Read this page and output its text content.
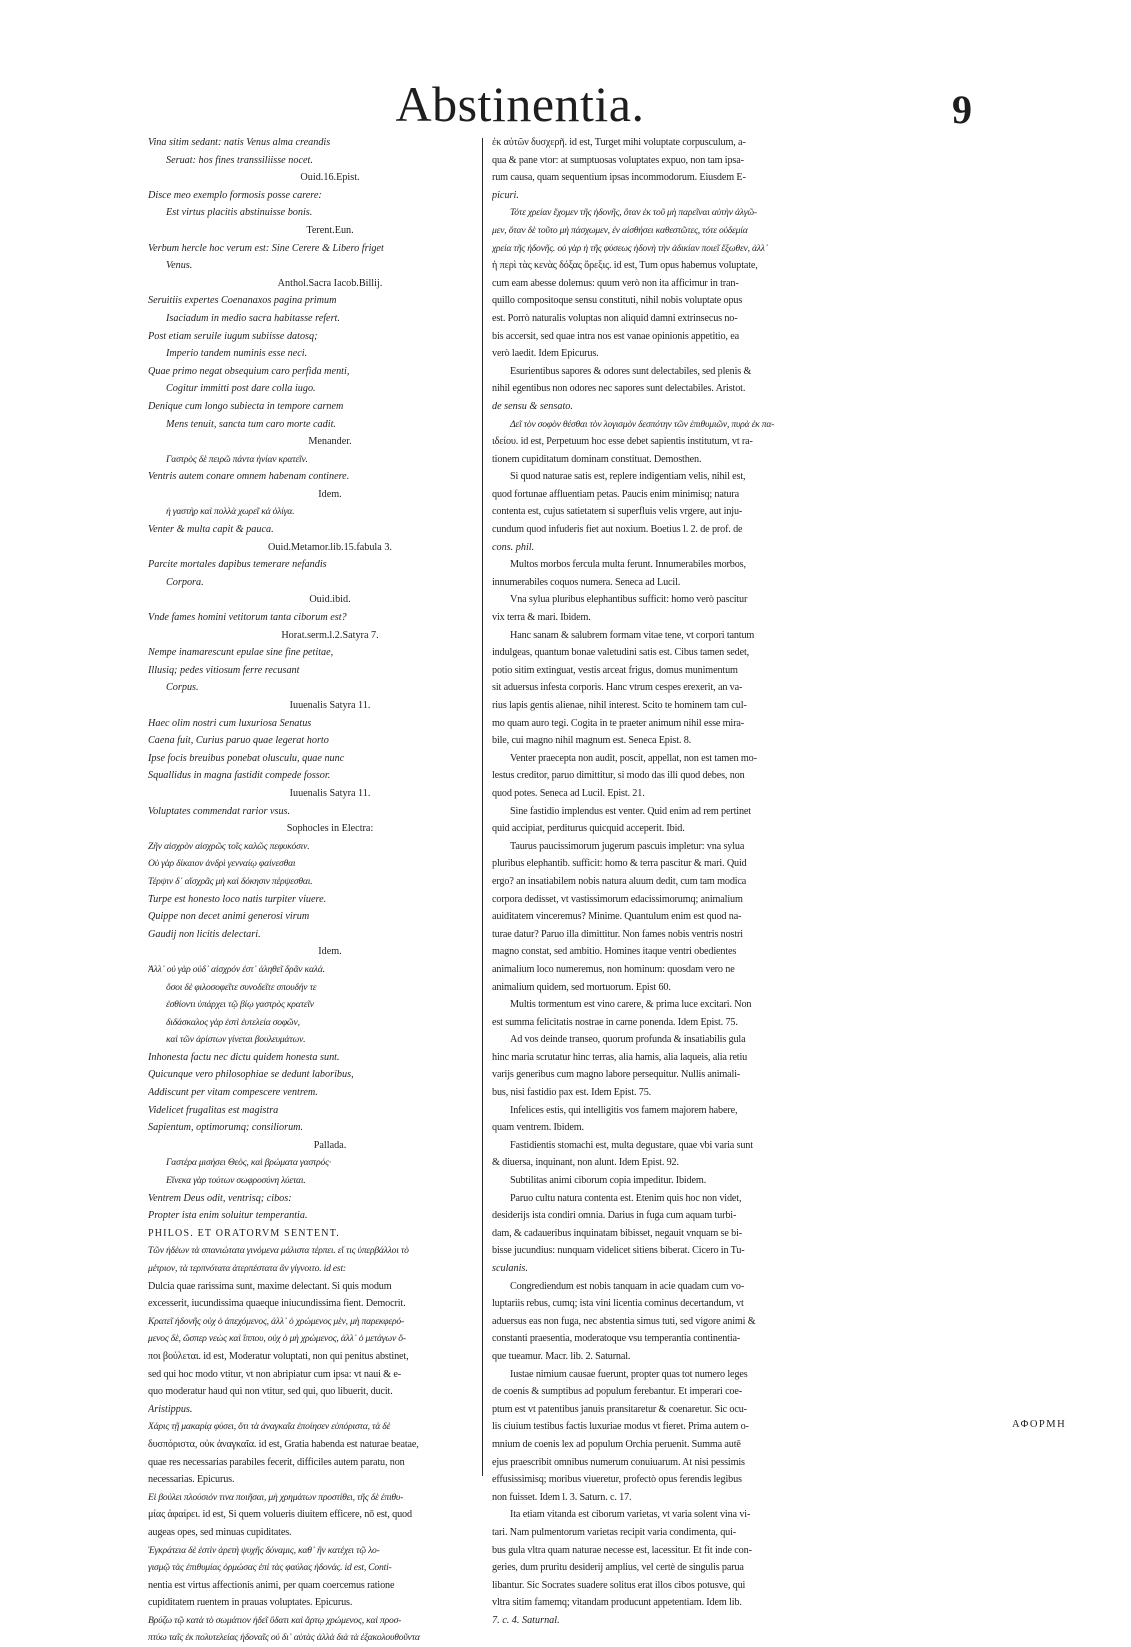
Abstinentia.	9
Vina sitim sedant: natis Venus alma creandis
Seruat: hos fines transsiliisse nocet.
Ouid.16.Epist.
Disce meo exemplo formosis posse carere:
Est virtus placitis abstinuisse bonis.
Terent.Eun.
Verbum hercle hoc verum est: Sine Cerere & Libero friget
Venus.
Anthol.Sacra Iacob.Billij.
Seruitiis expertes Coenanaxos pagina primum
Isaciadum in medio sacra habitasse refert.
Post etiam seruile iugum subiisse datosq;
Imperio tandem numinis esse neci.
Quae primo negat obsequium caro perfida menti,
Cogitur immitti post dare colla iugo.
Denique cum longo subiecta in tempore carnem
Mens tenuit, sancta tum caro morte cadit.
Menander.
Γαστρὸς δὲ πειρῶ πάντα ἡνίαν κρατεῖν.
Ventris autem conare omnem habenam continere.
Idem.
ἡ γαστὴρ καὶ πολλὰ χωρεῖ κἀ ὀλίγα.
Venter & multa capit & pauca.
Ouid.Metamor.lib.15.fabula 3.
Parcite mortales dapibus temerare nefandis
Corpora.
Ouid.ibid.
Vnde fames homini vetitorum tanta ciborum est?
Horat.serm.l.2.Satyra 7.
Nempe inamarescunt epulae sine fine petitae,
Illusiq; pedes vitiosum ferre recusant
Corpus.
Iuuenalis Satyra 11.
Haec olim nostri cum luxuriosa Senatus
Caena fuit, Curius paruo quae legerat horto
Ipse focis breuibus ponebat olusculu, quae nunc
Squallidus in magna fastidit compede fossor.
Iuuenalis Satyra 11.
Voluptates commendat rarior vsus.
Sophocles in Electra:
Ζῆν αἰσχρὸν αἰσχρῶς τοῖς καλῶς πεφυκόσιν.
Οὐ γὰρ δίκαιον ἀνδρὶ γενναίῳ φαίνεσθαι
Τέρψιν δ᾽ αἴσχρᾶς μὴ καὶ δόκησιν πέρψεσθαι.
Turpe est honesto loco natis turpiter viuere.
Quippe non decet animi generosi virum
Gaudij non licitis delectari.
Idem.
Ἀλλ᾽ οὐ γὰρ οὐδ᾽ αἰσχρόν ἐστ᾽ ἀληθεῖ δρᾶν καλά.
ὅσοι δὲ φιλοσοφεῖτε συνοδεῖτε σπουδήν τε
ἐσθίοντι ὑπάρχει τῷ βίῳ γαστρὸς κρατεῖν
διδάσκαλος γὰρ ἐστὶ ἐυτελεία σοφῶν,
καὶ τῶν ἀρίστων γίνεται βουλευμάτων.
Inhonesta factu nec dictu quidem honesta sunt.
Quicunque vero philosophiae se dedunt laboribus,
Addiscunt per vitam compescere ventrem.
Videlicet frugalitas est magistra
Sapientum, optimorumq; consiliorum.
Pallada.
Γαστέρα μισήσει Θεὸς, καὶ βρώματα γαστρός·
Εἵνεκα γὰρ τούτων σωφροσύνη λύεται.
Ventrem Deus odit, ventrisq; cibos:
Propter ista enim soluitur temperantia.
PHILOS. ET ORATORVM SENTENT.
Τῶν ἡδέων τὰ σπανιώτατα γινόμενα μάλιστα τέρπει. εἴ τις ὑπερβάλλοι τὸ
μέτριον, τὰ τερπνότατα ἀτερπέστατα ἂν γίγνοιτο. id est:
Dulcia quae rarissima sunt, maxime delectant. Si quis modum
excesserit, iucundissima quaeque iniucundissima fient. Democrit.
Κρατεῖ ἡδονῆς οὐχ ὁ ἀπεχόμενος, ἀλλ᾽ ὁ χρώμενος μὲν, μὴ παρεκφερό-
μενος δὲ, ὥσπερ νεὼς καὶ ἵππου, οὐχ ὁ μὴ χρώμενος, ἀλλ᾽ ὁ μετάγων ὅ-
ποι βούλεται. id est, Moderatur voluptati, non qui penitus abstinet,
sed qui hoc modo vtitur, vt non abripiatur cum ipsa: vt naui & e-
quo moderatur haud qui non vtitur, sed qui, quo libuerit, ducit.
Aristippus.
Χάρις τῇ μακαρίᾳ φύσει, ὅτι τὰ ἀναγκαῖα ἐποίησεν εὐπόριστα, τὰ δὲ
δυσπόριστα, οὐκ ἀναγκαῖα. id est, Gratia habenda est naturae beatae,
quae res necessarias parabiles fecerit, difficiles autem paratu, non
necessarias. Epicurus.
Εἰ βούλει πλούσιόν τινα ποιῆσαι, μὴ χρημάτων προστίθει, τῆς δὲ ἐπιθυ-
μίας ἀφαίρει. id est, Si quem volueris diuitem efficere, nō est, quod
augeas opes, sed minuas cupiditates.
Ἐγκράτεια δὲ ἐστὶν ἀρετὴ ψυχῆς δύναμις, καθ᾽ ἣν κατέχει τῷ λο-
γισμῷ τὰς ἐπιθυμίας ὁρμώσας ἐπὶ τὰς φαύλας ἡδονάς. id est, Conti-
nentia est virtus affectionis animi, per quam coercemus ratione
cupiditatem ruentem in prauas voluptates. Epicurus.
Βρύζω τῷ κατὰ τὸ σωμάτιον ἡδεῖ ὕδατι καὶ ἄρτῳ χρώμενος, καὶ προσ-
πτύω ταῖς ἐκ πολυτελείας ἡδοναῖς οὐ δι᾽ αὐτὰς ἀλλὰ διὰ τὰ ἐξακολουθοῦντα
ἐκ αὐτῶν δυσχερῆ. id est, Turget mihi voluptate corpusculum, a-
qua & pane vtor: at sumptuosas voluptates expuo, non tam ipsa-
rum causa, quam sequentium ipsas incommodorum. Eiusdem E-
picuri.
Τότε χρείαν ἔχομεν τῆς ἡδονῆς, ὅταν ἐκ τοῦ μὴ παρεῖναι αὐτὴν ἀλγῶ-
μεν, ὅταν δὲ τοῦτο μὴ πάσχωμεν, ἐν αἰσθήσει καθεστῶτες, τότε οὐδεμία
χρεία τῆς ἡδονῆς. οὐ γὰρ ἡ τῆς φύσεως ἡδονὴ τὴν ἀδικίαν ποιεῖ ἔξωθεν, ἀλλ᾽
ἡ περὶ τὰς κενὰς δόξας ὄρεξις. id est, Tum opus habemus voluptate,
cum eam abesse dolemus: quum verò non ita afficimur in tran-
quillo compositoque sensu constituti, nihil nobis voluptate opus
est. Porrò naturalis voluptas non aliquid damni extrinsecus no-
bis accersit, sed quae intra nos est vanae opinionis appetitio, ea
verò laedit. Idem Epicurus.
Esurientibus sapores & odores sunt delectabiles, sed plenis &
nihil egentibus non odores nec sapores sunt delectabiles. Aristot.
de sensu & sensato.
Δεῖ τὸν σοφὸν θέσθαι τὸν λογισμὸν δεσπότην τῶν ἐπιθυμιῶν, πυρὰ ἐκ πα-
ιδείου. id est, Perpetuum hoc esse debet sapientis institutum, vt ra-
tionem cupiditatum dominam constituat. Demosthen.
Si quod naturae satis est, replere indigentiam velis, nihil est,
quod fortunae affluentiam petas. Paucis enim minimisq; natura
contenta est, cujus satietatem si superfluis velis vrgere, aut inju-
cundum quod infuderis fiet aut noxium. Boetius l. 2. de prof. de
cons. phil.
Multos morbos fercula multa ferunt. Innumerabiles morbos,
innumerabiles coquos numera. Seneca ad Lucil.
Vna sylua pluribus elephantibus sufficit: homo verò pascitur
vix terra & mari. Ibidem.
Hanc sanam & salubrem formam vitae tene, vt corpori tantum
indulgeas, quantum bonae valetudini satis est. Cibus tamen sedet,
potio sitim extinguat, vestis arceat frigus, domus munimentum
sit aduersus infesta corporis. Hanc vtrum cespes erexerit, an va-
rius lapis gentis alienae, nihil interest. Scito te hominem tam cul-
mo quam auro tegi. Cogita in te praeter animum nihil esse mira-
bile, cui magno nihil magnum est. Seneca Epist. 8.
Venter praecepta non audit, poscit, appellat, non est tamen mo-
lestus creditor, paruo dimittitur, si modo das illi quod debes, non
quod potes. Seneca ad Lucil. Epist. 21.
Sine fastidio implendus est venter. Quid enim ad rem pertinet
quid accipiat, perditurus quicquid acceperit. Ibid.
Taurus paucissimorum jugerum pascuis impletur: vna sylua
pluribus elephantib. sufficit: homo & terra pascitur & mari. Quid
ergo? an insatiabilem nobis natura aluum dedit, cum tam modica
corpora dedisset, vt vastissimorum edacissimorumq; animalium
auiditatem vinceremus? Minime. Quantulum enim est quod na-
turae datur? Paruo illa dimittitur. Non fames nobis ventris nostri
magno constat, sed ambitio. Homines itaque ventri obedientes
animalium loco numeremus, non hominum: quosdam vero ne
animalium quidem, sed mortuorum. Epist 60.
Multis tormentum est vino carere, & prima luce excitari. Non
est summa felicitatis nostrae in carne ponenda. Idem Epist. 75.
Ad vos deinde transeo, quorum profunda & insatiabilis gula
hinc maria scrutatur hinc terras, alia hamis, alia laqueis, alia retiu
varijs generibus cum magno labore persequitur. Nullis animali-
bus, nisi fastidio pax est. Idem Epist. 75.
Infelices estis, qui intelligitis vos famem majorem habere,
quam ventrem. Ibidem.
Fastidientis stomachi est, multa degustare, quae vbi varia sunt
& diuersa, inquinant, non alunt. Idem Epist. 92.
Subtilitas animi ciborum copia impeditur. Ibidem.
Paruo cultu natura contenta est. Etenim quis hoc non videt,
desiderijs ista condiri omnia. Darius in fuga cum aquam turbi-
dam, & cadaueribus inquinatam bibisset, negauit vnquam se bi-
bisse jucundius: nunquam videlicet sitiens biberat. Cicero in Tu-
sculanis.
Congrediendum est nobis tanquam in acie quadam cum vo-
luptariis rebus, cumq; ista vini licentia cominus decertandum, vt
aduersus eas non fuga, nec abstentia simus tuti, sed vigore animi &
constanti praesentia, moderatoque vsu temperantia continentia-
que tueamur. Macr. lib. 2. Saturnal.
Iustae nimium causae fuerunt, propter quas tot numero leges
de coenis & sumptibus ad populum ferebantur. Et imperari coe-
ptum est vt patentibus januis pransitaretur & coenaretur. Sic ocu-
lis ciuium testibus factis luxuriae modus vt fieret. Prima autem o-
mnium de coenis lex ad populum Orchia peruenit. Summa autē
ejus praescribit omnibus numerum conuiuarum. At nisi pessimis
effusissimisq; moribus viueretur, profectò opus ferendis legibus
non fuisset. Idem l. 3. Saturn. c. 17.
Ita etiam vitanda est ciborum varietas, vt varia solent vina vi-
tari. Nam pulmentorum varietas recipit varia condimenta, qui-
bus gula vltra quam naturae necesse est, lacessitur. Et fit inde con-
geries, dum pruritu desiderij amplius, vel certè de singulis parua
libantur. Sic Socrates suadere solitus erat illos cibos potusve, qui
vltra sitim famemq; vitandam producunt appetentiam. Idem lib.
7. c. 4. Saturnal.
ΑΦΟΡΜΗ
